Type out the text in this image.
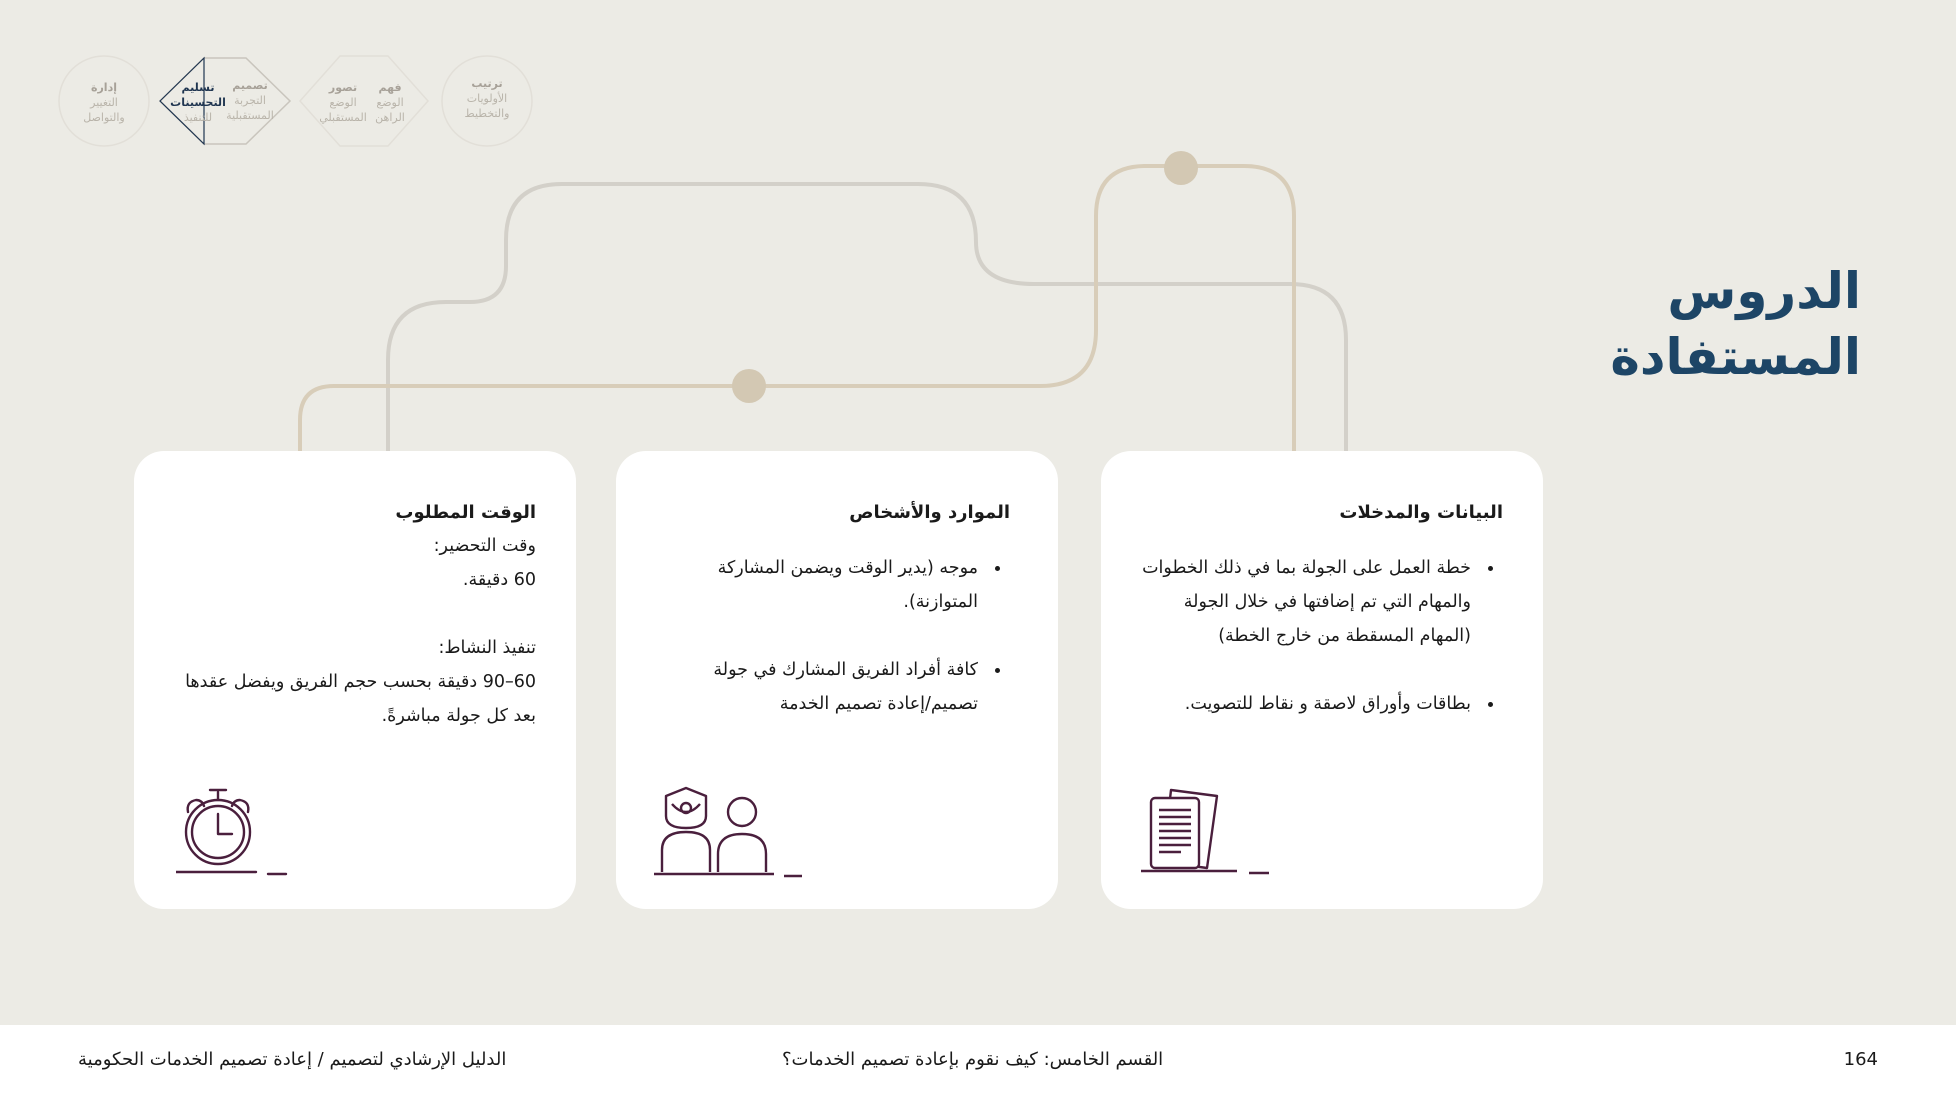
ترتيب
الأولويات
والتخطيط
فهم
الوضع
الراهن
تصور
الوضع
المستقبلي
تصميم
التجربة
المستقبلية
تسليم
التحسينات
للتنفيذ
إدارة
التغيير
والتواصل
الدروس
المستفادة
البيانات والمدخلات
خطة العمل على الجولة بما في ذلك الخطوات والمهام التي تم إضافتها في خلال الجولة (المهام المسقطة من خارج الخطة)
بطاقات وأوراق لاصقة و نقاط للتصويت.
الموارد والأشخاص
موجه (يدير الوقت ويضمن المشاركة المتوازنة).
كافة أفراد الفريق المشارك في جولة تصميم/إعادة تصميم الخدمة
الوقت المطلوب

وقت التحضير:

60 دقيقة.

تنفيذ النشاط:

60–90 دقيقة بحسب حجم الفريق ويفضل عقدها بعد كل جولة مباشرةً.

164
القسم الخامس: كيف نقوم بإعادة تصميم الخدمات؟
الدليل الإرشادي لتصميم / إعادة تصميم الخدمات الحكومية
